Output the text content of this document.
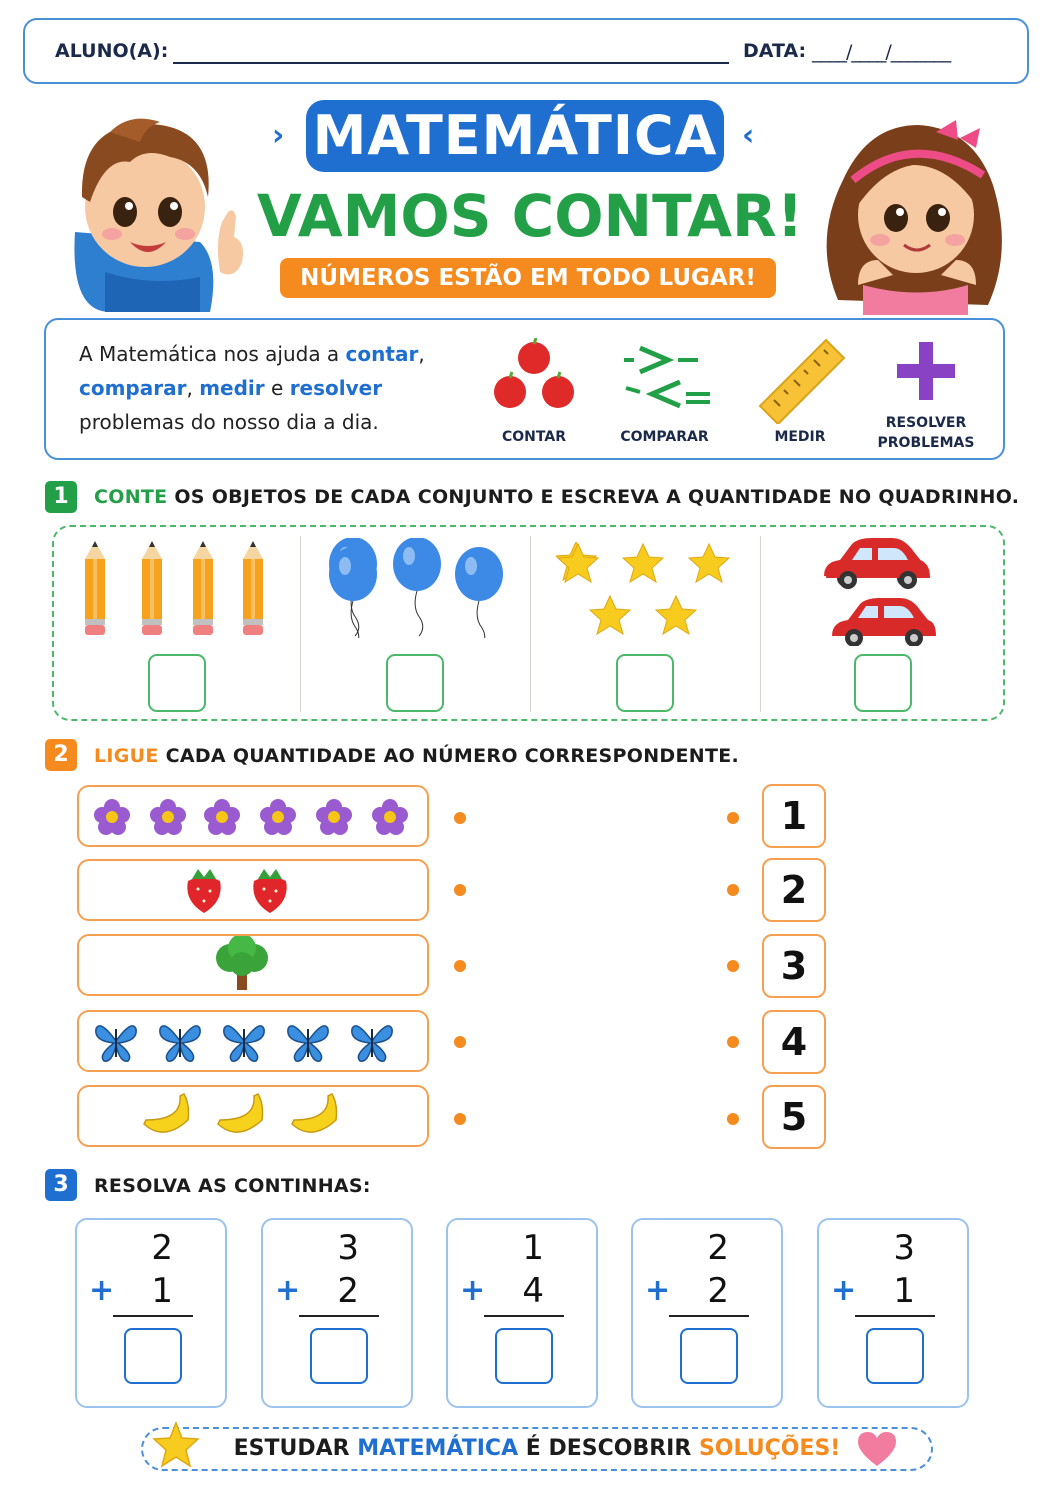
ALUNO(A):	DATA: ____/____/_______
MATEMÁTICA
›	‹
VAMOS CONTAR!
NÚMEROS ESTÃO EM TODO LUGAR!
A Matemática nos ajuda a contar,
comparar, medir e resolver
problemas do nosso dia a dia.
CONTAR	COMPARAR	MEDIR
RESOLVER
PROBLEMAS
1	CONTE OS OBJETOS DE CADA CONJUNTO E ESCREVA A QUANTIDADE NO QUADRINHO.
2	LIGUE CADA QUANTIDADE AO NÚMERO CORRESPONDENTE.
1
2
3
4
5
3	RESOLVA AS CONTINHAS:
2
+	1
3
+	2
1
+	4
2
+	2
3
+	1
ESTUDAR MATEMÁTICA É DESCOBRIR SOLUÇÕES!
